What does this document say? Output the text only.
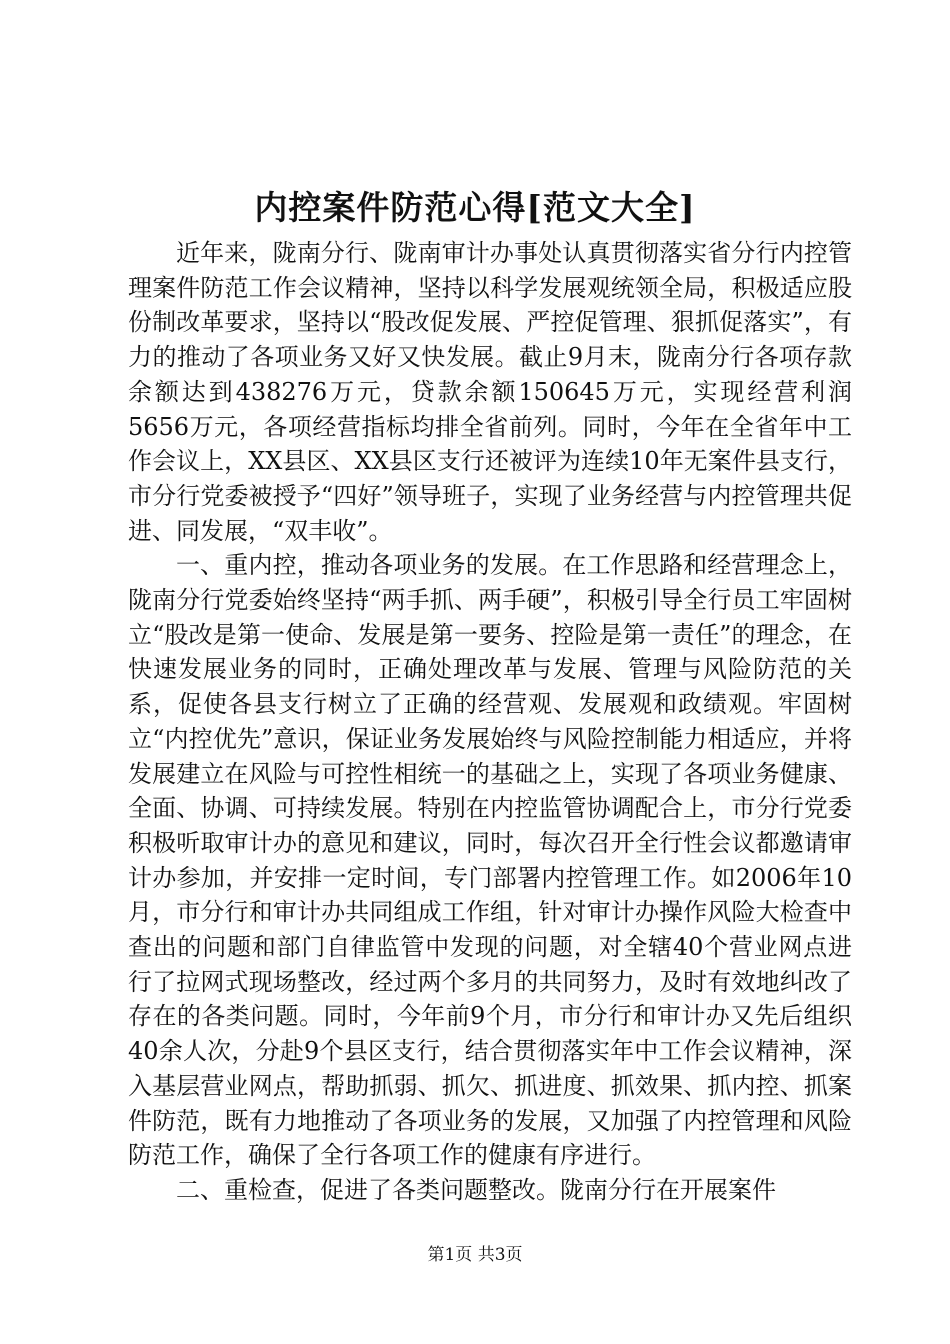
内控案件防范心得[范文大全]

近年来，陇南分行、陇南审计办事处认真贯彻落实省分行内控管理案件防范工作会议精神，坚持以科学发展观统领全局，积极适应股份制改革要求，坚持以“股改促发展、严控促管理、狠抓促落实”，有力的推动了各项业务又好又快发展。截止9月末，陇南分行各项存款余额达到438276万元，贷款余额150645万元，实现经营利润5656万元，各项经营指标均排全省前列。同时，今年在全省年中工作会议上，XX县区、XX县区支行还被评为连续10年无案件县支行，市分行党委被授予“四好”领导班子，实现了业务经营与内控管理共促进、同发展，“双丰收”。

一、重内控，推动各项业务的发展。在工作思路和经营理念上，陇南分行党委始终坚持“两手抓、两手硬”，积极引导全行员工牢固树立“股改是第一使命、发展是第一要务、控险是第一责任”的理念，在快速发展业务的同时，正确处理改革与发展、管理与风险防范的关系，促使各县支行树立了正确的经营观、发展观和政绩观。牢固树立“内控优先”意识，保证业务发展始终与风险控制能力相适应，并将发展建立在风险与可控性相统一的基础之上，实现了各项业务健康、全面、协调、可持续发展。特别在内控监管协调配合上，市分行党委积极听取审计办的意见和建议，同时，每次召开全行性会议都邀请审计办参加，并安排一定时间，专门部署内控管理工作。如2006年10月，市分行和审计办共同组成工作组，针对审计办操作风险大检查中查出的问题和部门自律监管中发现的问题，对全辖40个营业网点进行了拉网式现场整改，经过两个多月的共同努力，及时有效地纠改了存在的各类问题。同时，今年前9个月，市分行和审计办又先后组织40余人次，分赴9个县区支行，结合贯彻落实年中工作会议精神，深入基层营业网点，帮助抓弱、抓欠、抓进度、抓效果、抓内控、抓案件防范，既有力地推动了各项业务的发展，又加强了内控管理和风险防范工作，确保了全行各项工作的健康有序进行。

二、重检查，促进了各类问题整改。陇南分行在开展案件

第1页 共3页
